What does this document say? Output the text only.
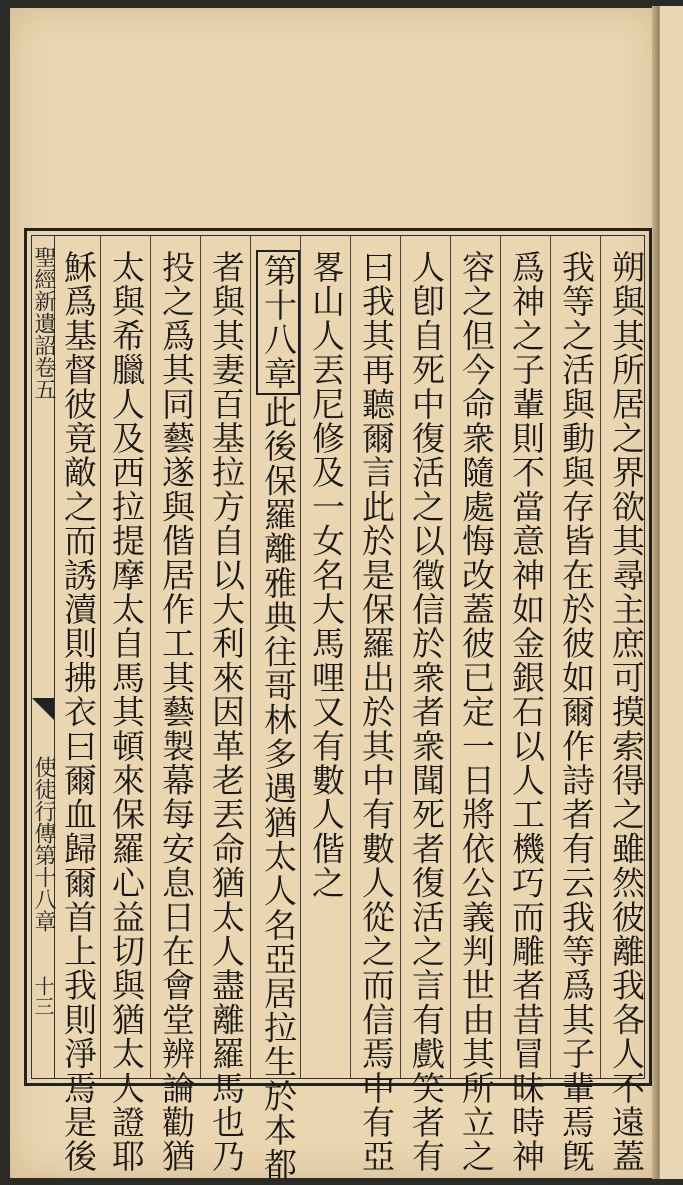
聖經新遺詔卷五
使徒行傳第十八章
十三	朔與其所居之界欲其尋主庶可摸索得之雖然彼離我各人不遠蓋
我等之活與動與存皆在於彼如爾作詩者有云我等爲其子輩焉旣
爲神之子輩則不當意神如金銀石以人工機巧而雕者昔冒昧時神
容之但今命衆隨處悔改蓋彼已定一日將依公義判世由其所立之
人卽自死中復活之以徵信於衆者衆聞死者復活之言有戲笑者有
曰我其再聽爾言此於是保羅出於其中有數人從之而信焉中有亞
畧山人丟尼修及一女名大馬哩又有數人偕之
第十八章此後保羅離雅典往哥林多遇猶太人名亞居拉生於本都
者與其妻百基拉方自以大利來因革老丟命猶太人盡離羅馬也乃
投之爲其同藝遂與偕居作工其藝製幕每安息日在會堂辨論勸猶
太與希臘人及西拉提摩太自馬其頓來保羅心益切與猶太人證耶
穌爲基督彼竟敵之而誘瀆則拂衣曰爾血歸爾首上我則淨焉是後
